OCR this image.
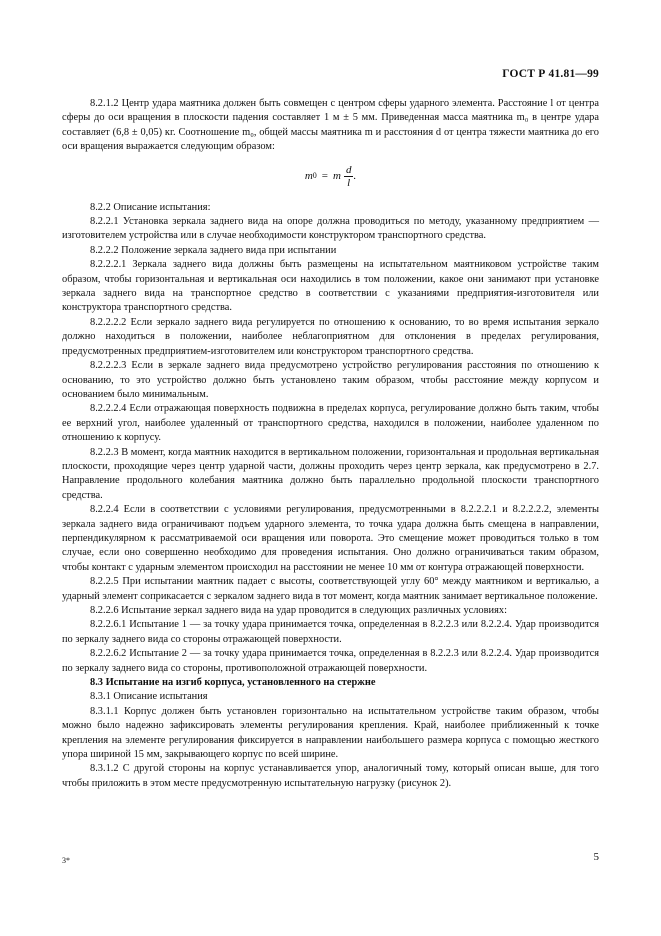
ГОСТ Р 41.81—99

8.2.1.2 Центр удара маятника должен быть совмещен с центром сферы ударного элемента. Расстояние l от центра сферы до оси вращения в плоскости падения составляет 1 м ± 5 мм. Приведенная масса маятника m₀ в центре удара составляет (6,8 ± 0,05) кг. Соотношение m₀, общей массы маятника m и расстояния d от центра тяжести маятника до его оси вращения выражается следующим образом:

m 0 = m $\frac{d}{l}$ .

8.2.2 Описание испытания:

8.2.2.1 Установка зеркала заднего вида на опоре должна проводиться по методу, указанному предприятием — изготовителем устройства или в случае необходимости конструктором транспортного средства.

8.2.2.2 Положение зеркала заднего вида при испытании

8.2.2.2.1 Зеркала заднего вида должны быть размещены на испытательном маятниковом устройстве таким образом, чтобы горизонтальная и вертикальная оси находились в том положении, какое они занимают при установке зеркала заднего вида на транспортное средство в соответствии с указаниями предприятия-изготовителя или конструктора транспортного средства.

8.2.2.2.2 Если зеркало заднего вида регулируется по отношению к основанию, то во время испытания зеркало должно находиться в положении, наиболее неблагоприятном для отклонения в пределах регулирования, предусмотренных предприятием-изготовителем или конструктором транспортного средства.

8.2.2.2.3 Если в зеркале заднего вида предусмотрено устройство регулирования расстояния по отношению к основанию, то это устройство должно быть установлено таким образом, чтобы расстояние между корпусом и основанием было минимальным.

8.2.2.2.4 Если отражающая поверхность подвижна в пределах корпуса, регулирование должно быть таким, чтобы ее верхний угол, наиболее удаленный от транспортного средства, находился в положении, наиболее удаленном по отношению к корпусу.

8.2.2.3 В момент, когда маятник находится в вертикальном положении, горизонтальная и продольная вертикальная плоскости, проходящие через центр ударной части, должны проходить через центр зеркала, как предусмотрено в 2.7. Направление продольного колебания маятника должно быть параллельно продольной плоскости транспортного средства.

8.2.2.4 Если в соответствии с условиями регулирования, предусмотренными в 8.2.2.2.1 и 8.2.2.2.2, элементы зеркала заднего вида ограничивают подъем ударного элемента, то точка удара должна быть смещена в направлении, перпендикулярном к рассматриваемой оси вращения или поворота. Это смещение может проводиться только в том случае, если оно совершенно необходимо для проведения испытания. Оно должно ограничиваться таким образом, чтобы контакт с ударным элементом происходил на расстоянии не менее 10 мм от контура отражающей поверхности.

8.2.2.5 При испытании маятник падает с высоты, соответствующей углу 60° между маятником и вертикалью, а ударный элемент соприкасается с зеркалом заднего вида в тот момент, когда маятник занимает вертикальное положение.

8.2.2.6 Испытание зеркал заднего вида на удар проводится в следующих различных условиях:

8.2.2.6.1 Испытание 1 — за точку удара принимается точка, определенная в 8.2.2.3 или 8.2.2.4. Удар производится по зеркалу заднего вида со стороны отражающей поверхности.

8.2.2.6.2 Испытание 2 — за точку удара принимается точка, определенная в 8.2.2.3 или 8.2.2.4. Удар производится по зеркалу заднего вида со стороны, противоположной отражающей поверхности.

8.3 Испытание на изгиб корпуса, установленного на стержне

8.3.1 Описание испытания

8.3.1.1 Корпус должен быть установлен горизонтально на испытательном устройстве таким образом, чтобы можно было надежно зафиксировать элементы регулирования крепления. Край, наиболее приближенный к точке крепления на элементе регулирования фиксируется в направлении наибольшего размера корпуса с помощью жесткого упора шириной 15 мм, закрывающего корпус по всей ширине.

8.3.1.2 С другой стороны на корпус устанавливается упор, аналогичный тому, который описан выше, для того чтобы приложить в этом месте предусмотренную испытательную нагрузку (рисунок 2).

3*	5
